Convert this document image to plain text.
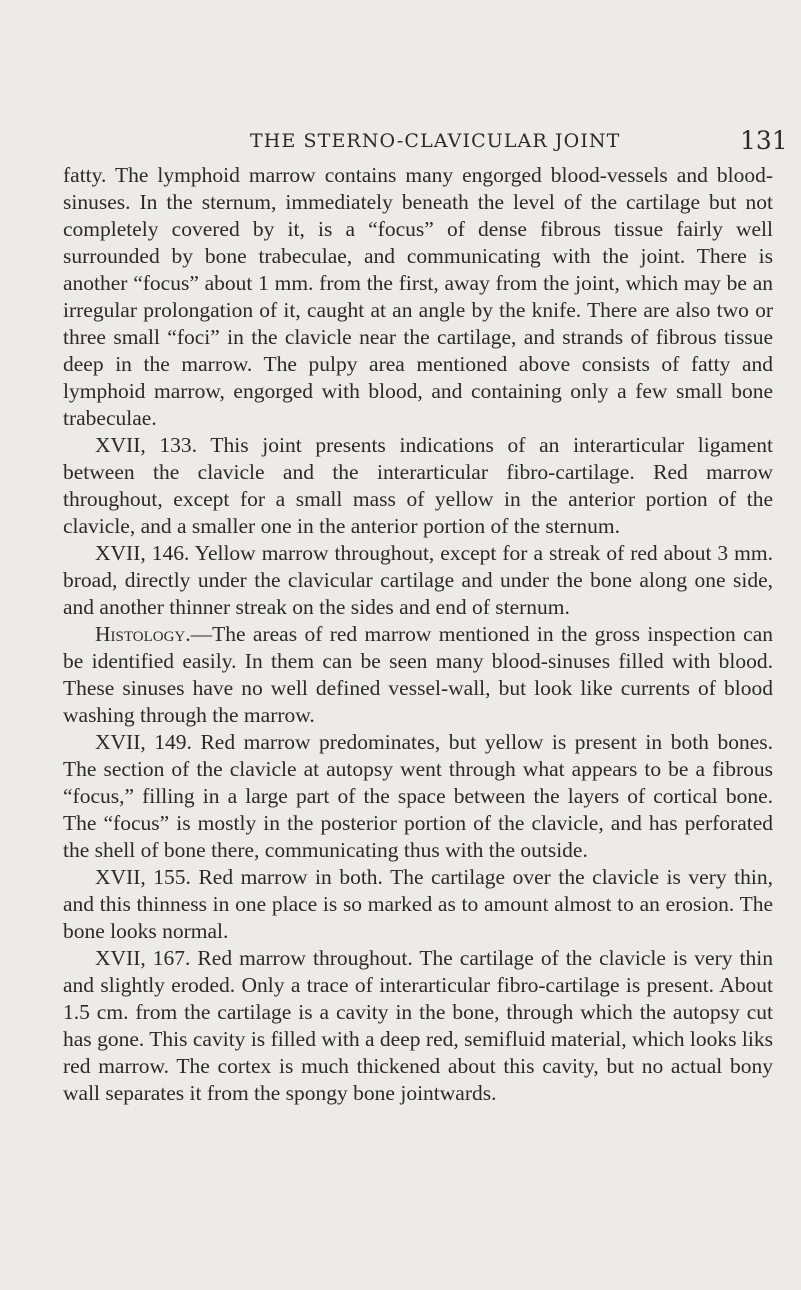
THE STERNO-CLAVICULAR JOINT	131

fatty. The lymphoid marrow contains many engorged blood-vessels and blood-sinuses. In the sternum, immediately beneath the level of the cartilage but not completely covered by it, is a “focus” of dense fibrous tissue fairly well surrounded by bone trabeculae, and communicating with the joint. There is another “focus” about 1 mm. from the first, away from the joint, which may be an irregular prolongation of it, caught at an angle by the knife. There are also two or three small “foci” in the clavicle near the cartilage, and strands of fibrous tissue deep in the marrow. The pulpy area mentioned above consists of fatty and lymphoid marrow, engorged with blood, and containing only a few small bone trabeculae.

XVII, 133. This joint presents indications of an interarticular ligament between the clavicle and the interarticular fibro-cartilage. Red marrow throughout, except for a small mass of yellow in the anterior portion of the clavicle, and a smaller one in the anterior portion of the sternum.

XVII, 146. Yellow marrow throughout, except for a streak of red about 3 mm. broad, directly under the clavicular cartilage and under the bone along one side, and another thinner streak on the sides and end of sternum.

Histology.—The areas of red marrow mentioned in the gross inspection can be identified easily. In them can be seen many blood-sinuses filled with blood. These sinuses have no well defined vessel-wall, but look like currents of blood washing through the marrow.

XVII, 149. Red marrow predominates, but yellow is present in both bones. The section of the clavicle at autopsy went through what appears to be a fibrous “focus,” filling in a large part of the space between the layers of cortical bone. The “focus” is mostly in the posterior portion of the clavicle, and has perforated the shell of bone there, communicating thus with the outside.

XVII, 155. Red marrow in both. The cartilage over the clavicle is very thin, and this thinness in one place is so marked as to amount almost to an erosion. The bone looks normal.

XVII, 167. Red marrow throughout. The cartilage of the clavicle is very thin and slightly eroded. Only a trace of interarticular fibro-cartilage is present. About 1.5 cm. from the cartilage is a cavity in the bone, through which the autopsy cut has gone. This cavity is filled with a deep red, semifluid material, which looks liks red marrow. The cortex is much thickened about this cavity, but no actual bony wall separates it from the spongy bone jointwards.
